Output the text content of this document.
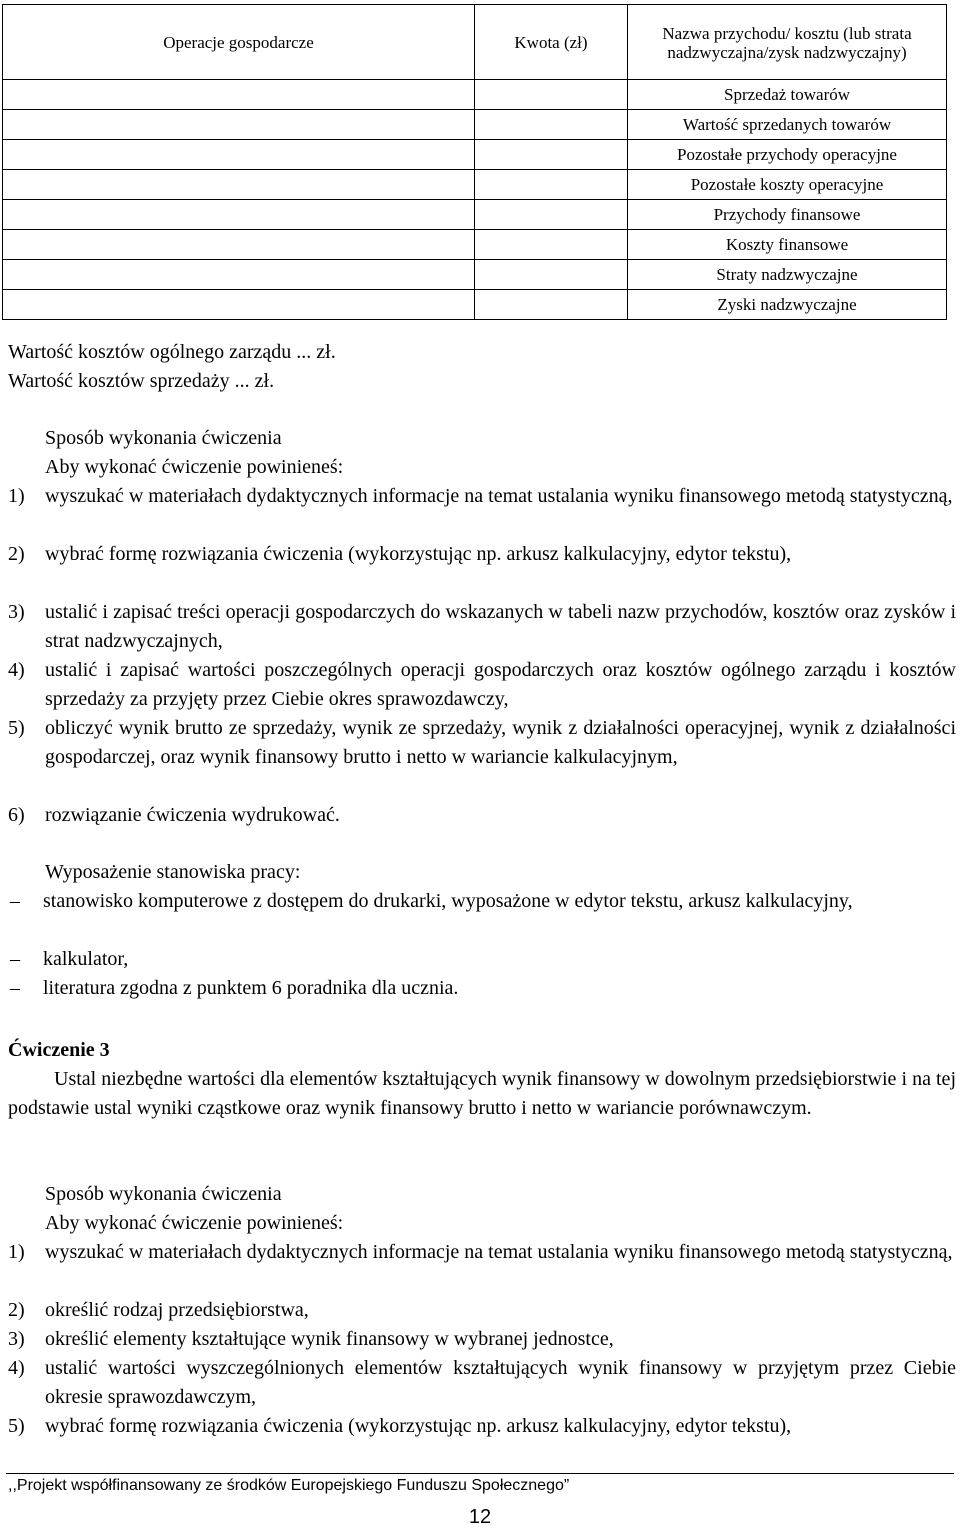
Operacje gospodarcze	Kwota (zł)	Nazwa przychodu/ kosztu (lub strata nadzwyczajna/zysk nadzwyczajny)
		Sprzedaż towarów
		Wartość sprzedanych towarów
		Pozostałe przychody operacyjne
		Pozostałe koszty operacyjne
		Przychody finansowe
		Koszty finansowe
		Straty nadzwyczajne
		Zyski nadzwyczajne
Wartość kosztów ogólnego zarządu ... zł.
Wartość kosztów sprzedaży ... zł.
Sposób wykonania ćwiczenia
Aby wykonać ćwiczenie powinieneś:
1) wyszukać w materiałach dydaktycznych informacje na temat ustalania wyniku finansowego metodą statystyczną,
2) wybrać formę rozwiązania ćwiczenia (wykorzystując np. arkusz kalkulacyjny, edytor tekstu),
3) ustalić i zapisać treści operacji gospodarczych do wskazanych w tabeli nazw przychodów, kosztów oraz zysków i strat nadzwyczajnych,
4) ustalić i zapisać wartości poszczególnych operacji gospodarczych oraz kosztów ogólnego zarządu i kosztów sprzedaży za przyjęty przez Ciebie okres sprawozdawczy,
5) obliczyć wynik brutto ze sprzedaży, wynik ze sprzedaży, wynik z działalności operacyjnej, wynik z działalności gospodarczej, oraz wynik finansowy brutto i netto w wariancie kalkulacyjnym,
6) rozwiązanie ćwiczenia wydrukować.
Wyposażenie stanowiska pracy:
– stanowisko komputerowe z dostępem do drukarki, wyposażone w edytor tekstu, arkusz kalkulacyjny,
– kalkulator,
– literatura zgodna z punktem 6 poradnika dla ucznia.
Ćwiczenie 3
Ustal niezbędne wartości dla elementów kształtujących wynik finansowy w dowolnym przedsiębiorstwie i na tej podstawie ustal wyniki cząstkowe oraz wynik finansowy brutto i netto w wariancie porównawczym.
Sposób wykonania ćwiczenia
Aby wykonać ćwiczenie powinieneś:
1) wyszukać w materiałach dydaktycznych informacje na temat ustalania wyniku finansowego metodą statystyczną,
2) określić rodzaj przedsiębiorstwa,
3) określić elementy kształtujące wynik finansowy w wybranej jednostce,
4) ustalić wartości wyszczególnionych elementów kształtujących wynik finansowy w przyjętym przez Ciebie okresie sprawozdawczym,
5) wybrać formę rozwiązania ćwiczenia (wykorzystując np. arkusz kalkulacyjny, edytor tekstu),
,,Projekt współfinansowany ze środków Europejskiego Funduszu Społecznego”
12
